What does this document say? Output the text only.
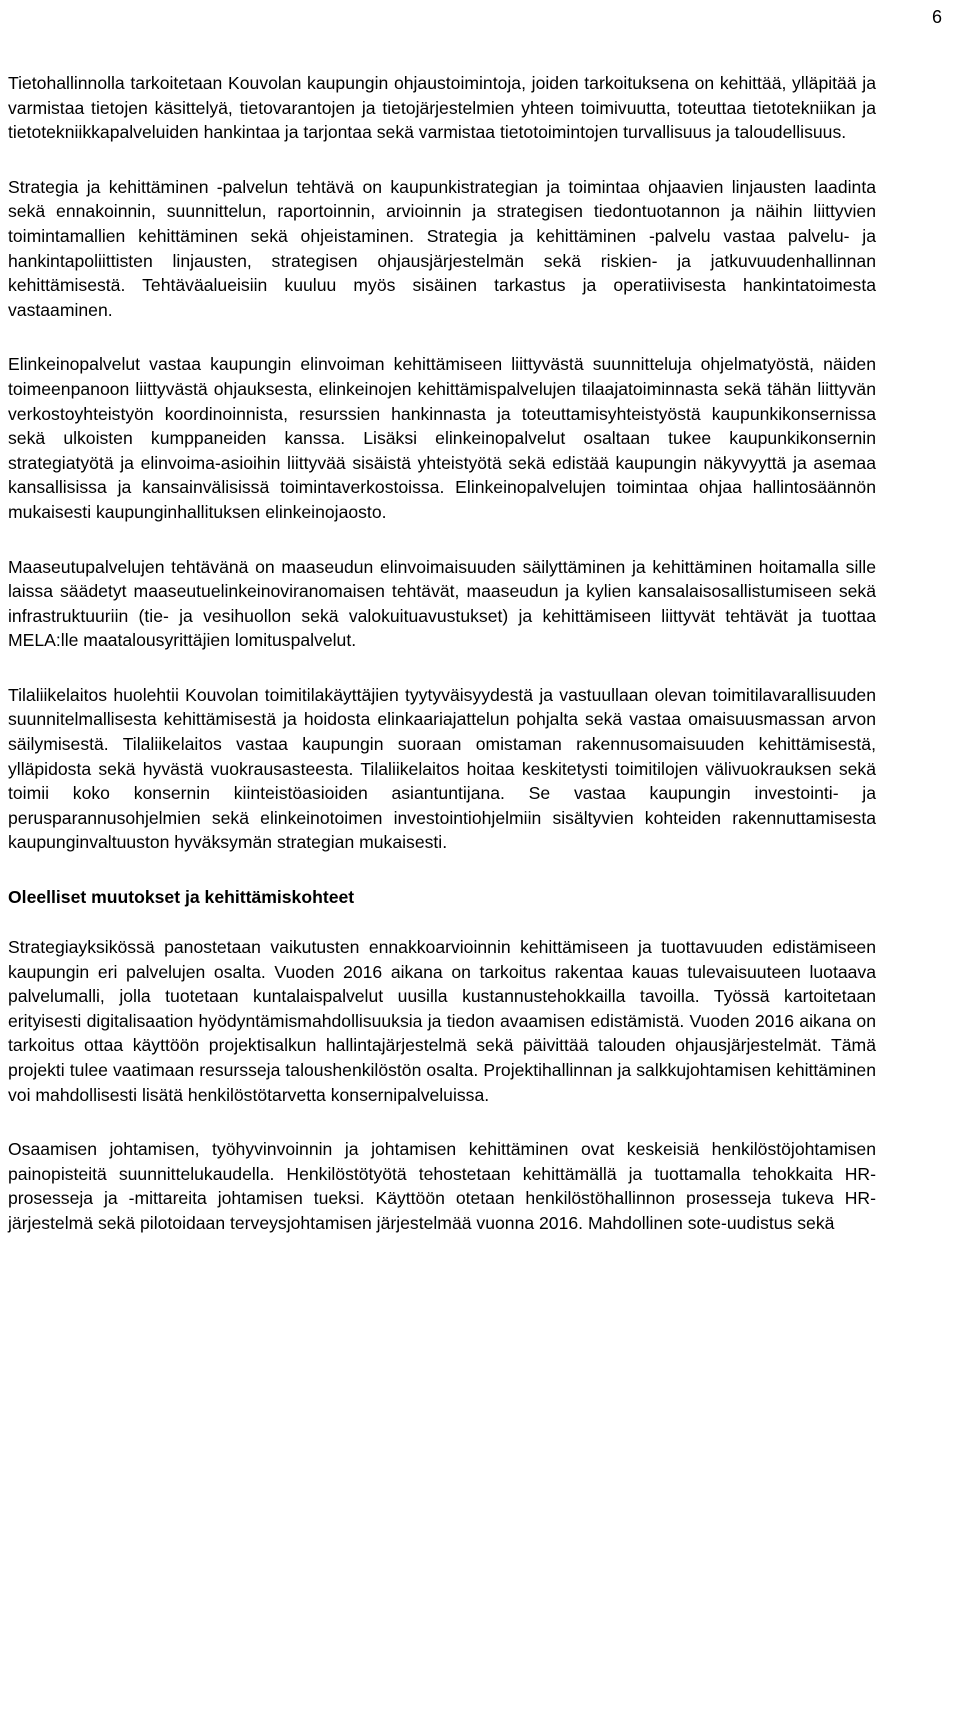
6

Tietohallinnolla tarkoitetaan Kouvolan kaupungin ohjaustoimintoja, joiden tarkoituksena on kehittää, ylläpitää ja varmistaa tietojen käsittelyä, tietovarantojen ja tietojärjestelmien yhteen toimivuutta, toteuttaa tietotekniikan ja tietotekniikkapalveluiden hankintaa ja tarjontaa sekä varmistaa tietotoimintojen turvallisuus ja taloudellisuus.

Strategia ja kehittäminen -palvelun tehtävä on kaupunkistrategian ja toimintaa ohjaavien linjausten laadinta sekä ennakoinnin, suunnittelun, raportoinnin, arvioinnin ja strategisen tiedontuotannon ja näihin liittyvien toimintamallien kehittäminen sekä ohjeistaminen. Strategia ja kehittäminen -palvelu vastaa palvelu- ja hankintapoliittisten linjausten, strategisen ohjausjärjestelmän sekä riskien- ja jatkuvuudenhallinnan kehittämisestä. Tehtäväalueisiin kuuluu myös sisäinen tarkastus ja operatiivisesta hankintatoimesta vastaaminen.

Elinkeinopalvelut vastaa kaupungin elinvoiman kehittämiseen liittyvästä suunnitteluja ohjelmatyöstä, näiden toimeenpanoon liittyvästä ohjauksesta, elinkeinojen kehittämispalvelujen tilaajatoiminnasta sekä tähän liittyvän verkostoyhteistyön koordinoinnista, resurssien hankinnasta ja toteuttamisyhteistyöstä kaupunkikonsernissa sekä ulkoisten kumppaneiden kanssa. Lisäksi elinkeinopalvelut osaltaan tukee kaupunkikonsernin strategiatyötä ja elinvoima-asioihin liittyvää sisäistä yhteistyötä sekä edistää kaupungin näkyvyyttä ja asemaa kansallisissa ja kansainvälisissä toimintaverkostoissa. Elinkeinopalvelujen toimintaa ohjaa hallintosäännön mukaisesti kaupunginhallituksen elinkeinojaosto.

Maaseutupalvelujen tehtävänä on maaseudun elinvoimaisuuden säilyttäminen ja kehittäminen hoitamalla sille laissa säädetyt maaseutuelinkeinoviranomaisen tehtävät, maaseudun ja kylien kansalaisosallistumiseen sekä infrastruktuuriin (tie- ja vesihuollon sekä valokuituavustukset) ja kehittämiseen liittyvät tehtävät ja tuottaa MELA:lle maatalousyrittäjien lomituspalvelut.

Tilaliikelaitos huolehtii Kouvolan toimitilakäyttäjien tyytyväisyydestä ja vastuullaan olevan toimitilavarallisuuden suunnitelmallisesta kehittämisestä ja hoidosta elinkaariajattelun pohjalta sekä vastaa omaisuusmassan arvon säilymisestä. Tilaliikelaitos vastaa kaupungin suoraan omistaman rakennusomaisuuden kehittämisestä, ylläpidosta sekä hyvästä vuokrausasteesta. Tilaliikelaitos hoitaa keskitetysti toimitilojen välivuokrauksen sekä toimii koko konsernin kiinteistöasioiden asiantuntijana. Se vastaa kaupungin investointi- ja perusparannusohjelmien sekä elinkeinotoimen investointiohjelmiin sisältyvien kohteiden rakennuttamisesta kaupunginvaltuuston hyväksymän strategian mukaisesti.

Oleelliset muutokset ja kehittämiskohteet

Strategiayksikössä panostetaan vaikutusten ennakkoarvioinnin kehittämiseen ja tuottavuuden edistämiseen kaupungin eri palvelujen osalta. Vuoden 2016 aikana on tarkoitus rakentaa kauas tulevaisuuteen luotaava palvelumalli, jolla tuotetaan kuntalaispalvelut uusilla kustannustehokkailla tavoilla. Työssä kartoitetaan erityisesti digitalisaation hyödyntämismahdollisuuksia ja tiedon avaamisen edistämistä. Vuoden 2016 aikana on tarkoitus ottaa käyttöön projektisalkun hallintajärjestelmä sekä päivittää talouden ohjausjärjestelmät. Tämä projekti tulee vaatimaan resursseja taloushenkilöstön osalta. Projektihallinnan ja salkkujohtamisen kehittäminen voi mahdollisesti lisätä henkilöstötarvetta konsernipalveluissa.

Osaamisen johtamisen, työhyvinvoinnin ja johtamisen kehittäminen ovat keskeisiä henkilöstöjohtamisen painopisteitä suunnittelukaudella. Henkilöstötyötä tehostetaan kehittämällä ja tuottamalla tehokkaita HR-prosesseja ja -mittareita johtamisen tueksi. Käyttöön otetaan henkilöstöhallinnon prosesseja tukeva HR-järjestelmä sekä pilotoidaan terveysjohtamisen järjestelmää vuonna 2016. Mahdollinen sote-uudistus sekä
